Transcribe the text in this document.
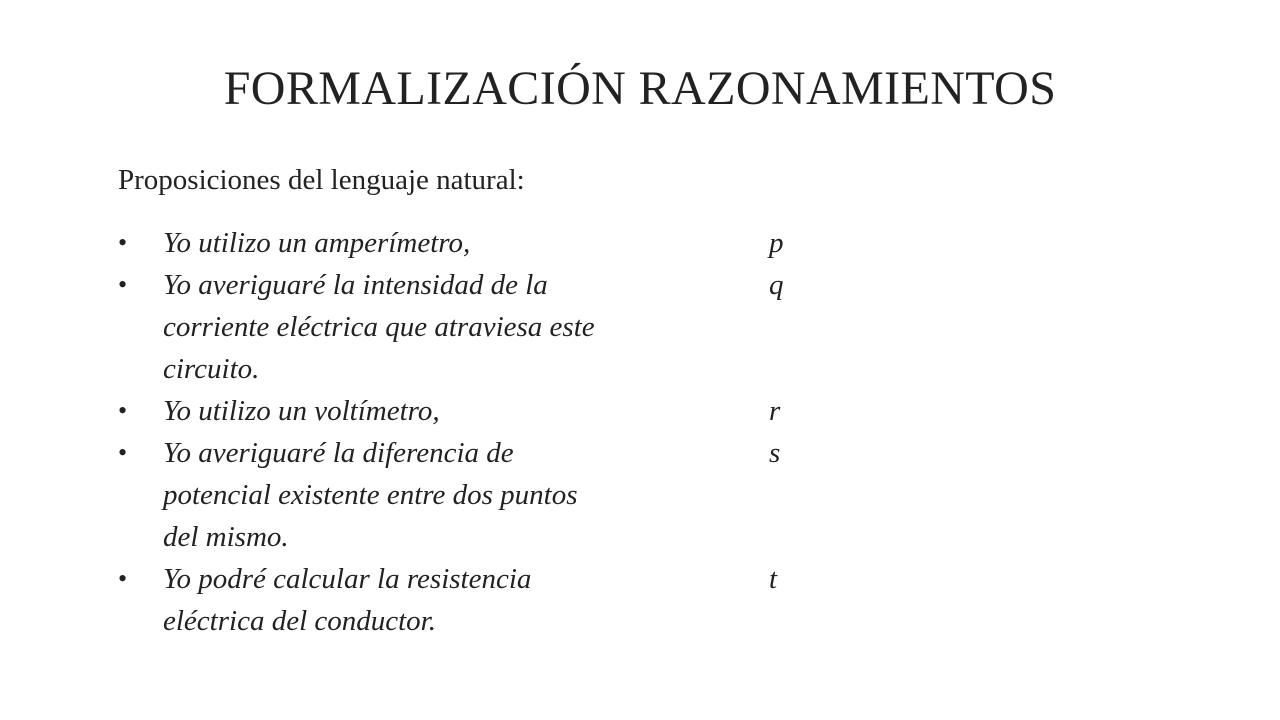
FORMALIZACIÓN RAZONAMIENTOS

Proposiciones del lenguaje natural:

• Yo utilizo un amperímetro,	p
• Yo averiguaré la intensidad de la
corriente eléctrica que atraviesa este
circuito.
q
• Yo utilizo un voltímetro,	r
• Yo averiguaré la diferencia de
potencial existente entre dos puntos
del mismo.
s
• Yo podré calcular la resistencia
eléctrica del conductor.
t
